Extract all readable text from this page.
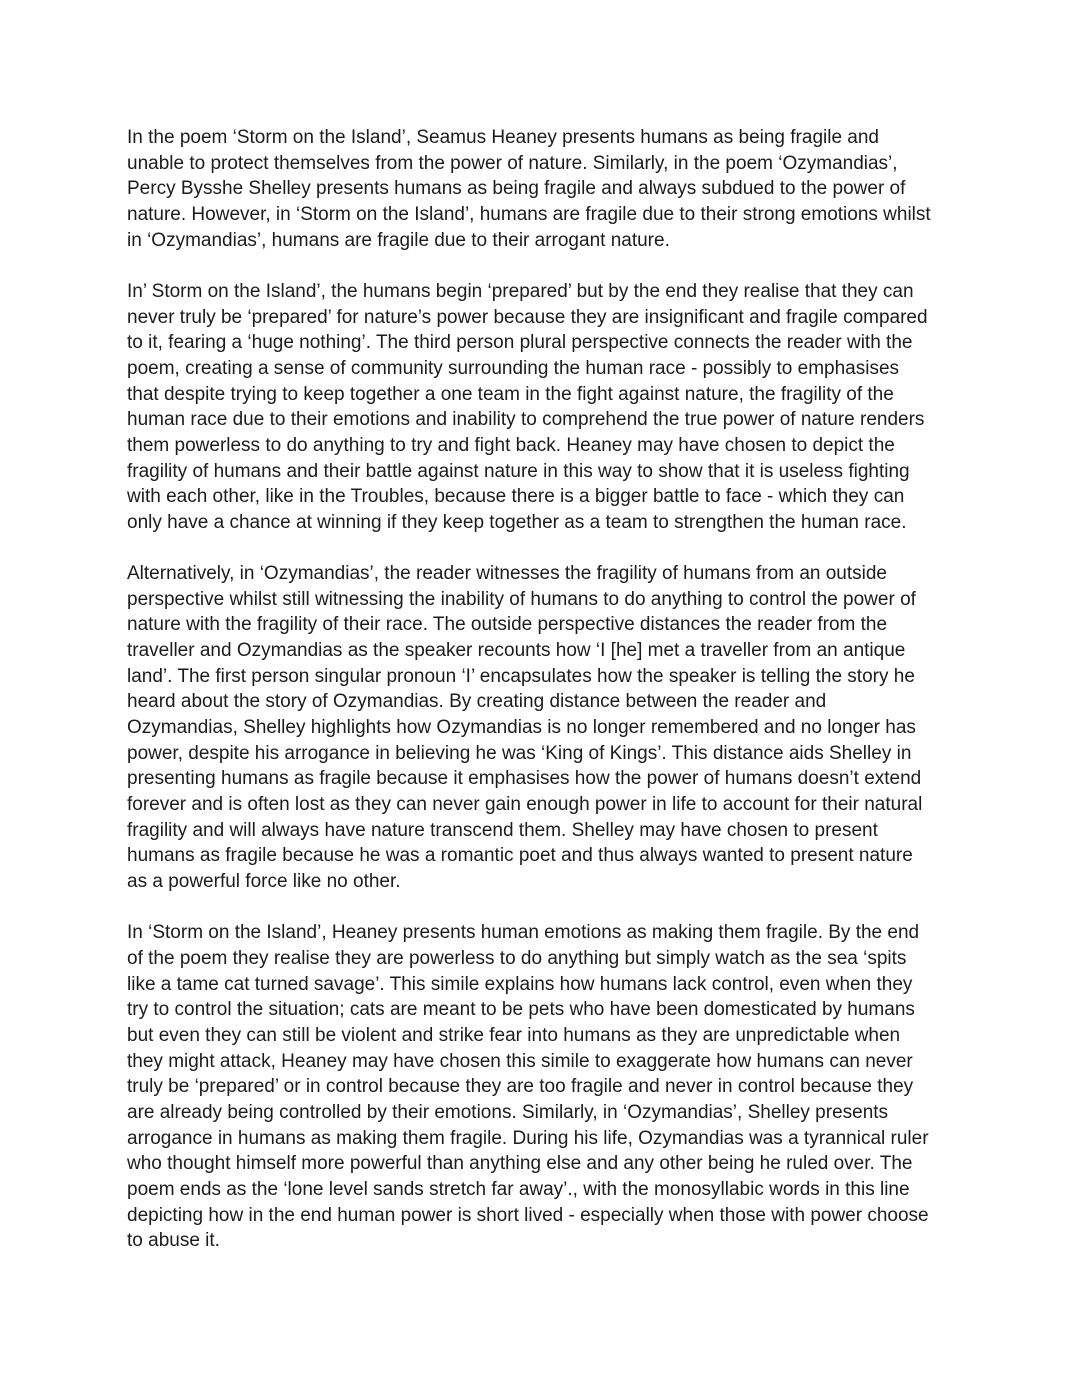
In the poem ‘Storm on the Island’, Seamus Heaney presents humans as being fragile and
unable to protect themselves from the power of nature. Similarly, in the poem ‘Ozymandias’,
Percy Bysshe Shelley presents humans as being fragile and always subdued to the power of
nature. However, in ‘Storm on the Island’, humans are fragile due to their strong emotions whilst
in ‘Ozymandias’, humans are fragile due to their arrogant nature.

In’ Storm on the Island’, the humans begin ‘prepared’ but by the end they realise that they can
never truly be ‘prepared’ for nature’s power because they are insignificant and fragile compared
to it, fearing a ‘huge nothing’. The third person plural perspective connects the reader with the
poem, creating a sense of community surrounding the human race - possibly to emphasises
that despite trying to keep together a one team in the fight against nature, the fragility of the
human race due to their emotions and inability to comprehend the true power of nature renders
them powerless to do anything to try and fight back. Heaney may have chosen to depict the
fragility of humans and their battle against nature in this way to show that it is useless fighting
with each other, like in the Troubles, because there is a bigger battle to face - which they can
only have a chance at winning if they keep together as a team to strengthen the human race.

Alternatively, in ‘Ozymandias’, the reader witnesses the fragility of humans from an outside
perspective whilst still witnessing the inability of humans to do anything to control the power of
nature with the fragility of their race. The outside perspective distances the reader from the
traveller and Ozymandias as the speaker recounts how ‘I [he] met a traveller from an antique
land’. The first person singular pronoun ‘I’ encapsulates how the speaker is telling the story he
heard about the story of Ozymandias. By creating distance between the reader and
Ozymandias, Shelley highlights how Ozymandias is no longer remembered and no longer has
power, despite his arrogance in believing he was ‘King of Kings’. This distance aids Shelley in
presenting humans as fragile because it emphasises how the power of humans doesn’t extend
forever and is often lost as they can never gain enough power in life to account for their natural
fragility and will always have nature transcend them. Shelley may have chosen to present
humans as fragile because he was a romantic poet and thus always wanted to present nature
as a powerful force like no other.

In ‘Storm on the Island’, Heaney presents human emotions as making them fragile. By the end
of the poem they realise they are powerless to do anything but simply watch as the sea ‘spits
like a tame cat turned savage’. This simile explains how humans lack control, even when they
try to control the situation; cats are meant to be pets who have been domesticated by humans
but even they can still be violent and strike fear into humans as they are unpredictable when
they might attack, Heaney may have chosen this simile to exaggerate how humans can never
truly be ‘prepared’ or in control because they are too fragile and never in control because they
are already being controlled by their emotions. Similarly, in ‘Ozymandias’, Shelley presents
arrogance in humans as making them fragile. During his life, Ozymandias was a tyrannical ruler
who thought himself more powerful than anything else and any other being he ruled over. The
poem ends as the ‘lone level sands stretch far away’., with the monosyllabic words in this line
depicting how in the end human power is short lived - especially when those with power choose
to abuse it.
